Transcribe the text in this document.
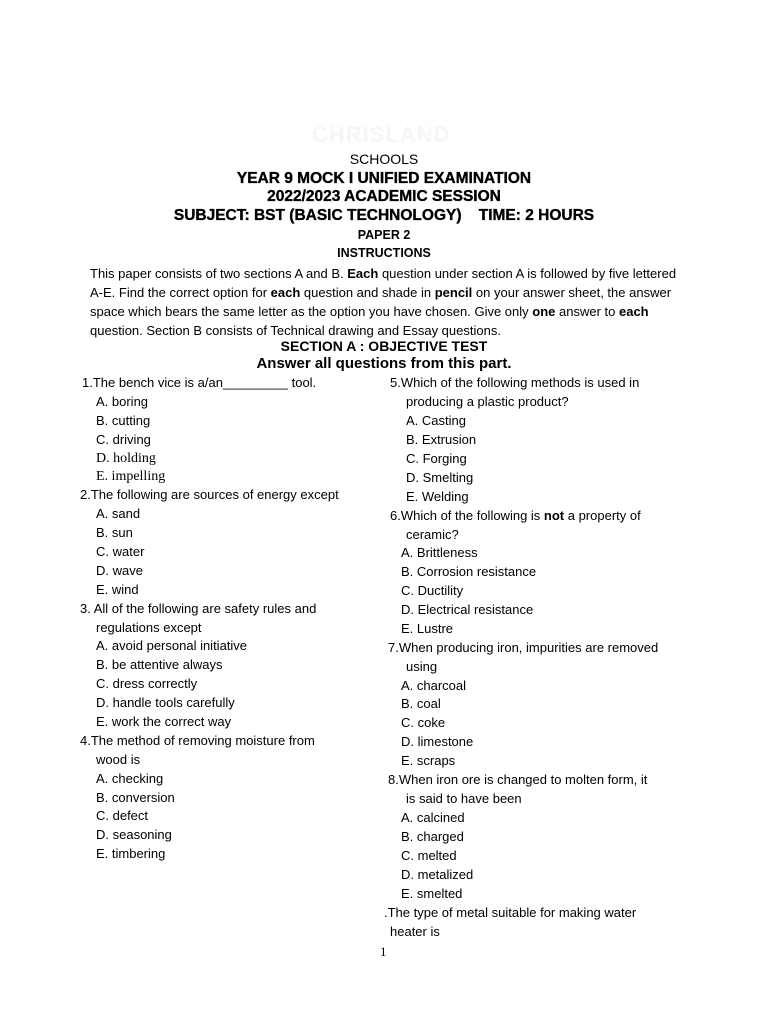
CHRISLAND
SCHOOLS
YEAR 9 MOCK I UNIFIED EXAMINATION
2022/2023 ACADEMIC SESSION
SUBJECT: BST (BASIC TECHNOLOGY)    TIME: 2 HOURS
PAPER 2
INSTRUCTIONS
This paper consists of two sections A and B. Each question under section A is followed by five lettered A-E. Find the correct option for each question and shade in pencil on your answer sheet, the answer space which bears the same letter as the option you have chosen. Give only one answer to each question. Section B consists of Technical drawing and Essay questions.
SECTION A : OBJECTIVE TEST
Answer all questions from this part.
1.The bench vice is a/an_________ tool.
A. boring
B. cutting
C. driving
D. holding
E. impelling
2.The following are sources of energy except
A. sand
B. sun
C. water
D. wave
E. wind
3. All of the following are safety rules and
regulations except
A. avoid personal initiative
B. be attentive always
C. dress correctly
D. handle tools carefully
E. work the correct way
4.The method of removing moisture from
wood is
A. checking
B. conversion
C. defect
D. seasoning
E. timbering
5.Which of the following methods is used in
producing a plastic product?
A. Casting
B. Extrusion
C. Forging
D. Smelting
E. Welding
6.Which of the following is not a property of
ceramic?
A. Brittleness
B. Corrosion resistance
C. Ductility
D. Electrical resistance
E. Lustre
7.When producing iron, impurities are removed
using
A. charcoal
B. coal
C. coke
D. limestone
E. scraps
8.When iron ore is changed to molten form, it
is said to have been
A. calcined
B. charged
C. melted
D. metalized
E. smelted
.The type of metal suitable for making water
heater is
1
